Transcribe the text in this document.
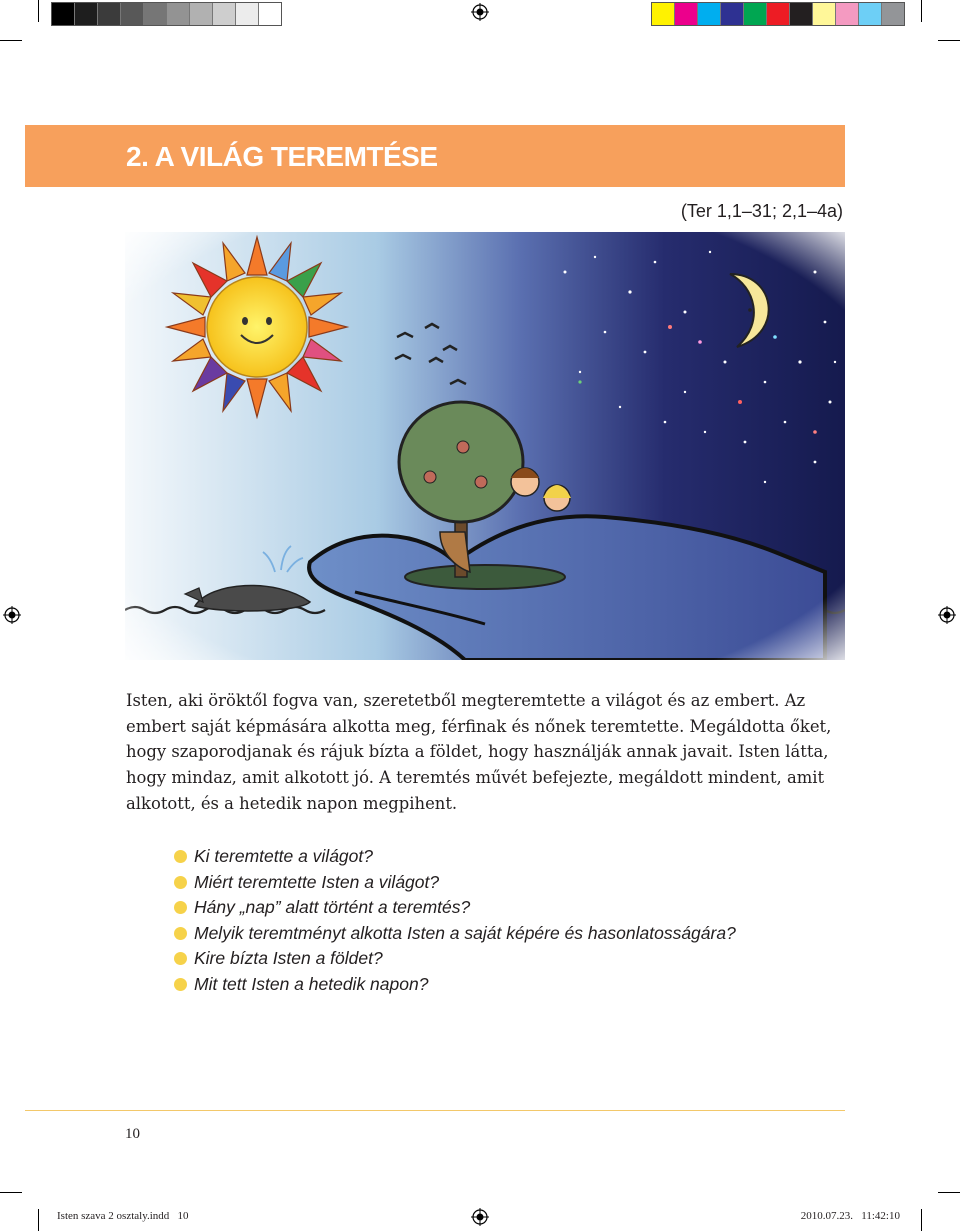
2. A VILÁG TEREMTÉSE
(Ter 1,1–31; 2,1–4a)

Isten, aki öröktől fogva van, szeretetből megteremtette a világot és az embert. Az embert saját képmására alkotta meg, férfinak és nőnek teremtette. Megáldotta őket, hogy szaporodjanak és rájuk bízta a földet, hogy használják annak javait. Isten látta, hogy mindaz, amit alkotott jó. A teremtés művét befejezte, megáldott mindent, amit alkotott, és a hetedik napon megpihent.

Ki teremtette a világot?
Miért teremtette Isten a világot?
Hány „nap” alatt történt a teremtés?
Melyik teremtményt alkotta Isten a saját képére és hasonlatosságára?
Kire bízta Isten a földet?
Mit tett Isten a hetedik napon?
10
Isten szava 2 osztaly.indd   10	2010.07.23.   11:42:10
